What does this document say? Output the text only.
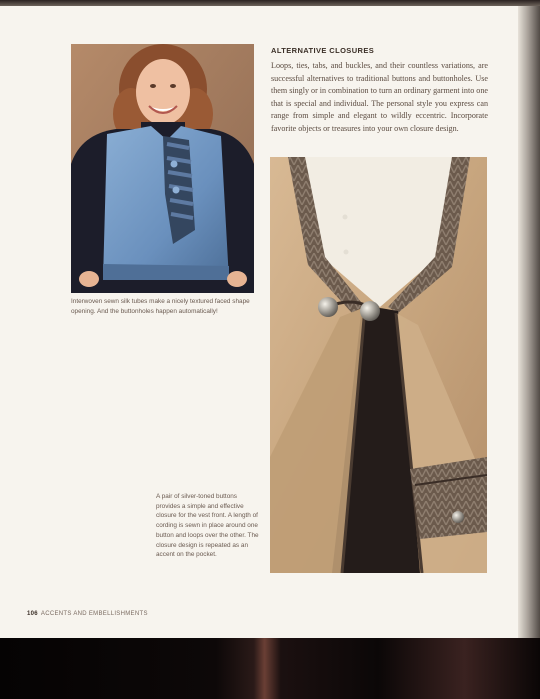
Interwoven sewn silk tubes make a nicely textured faced shape opening. And the buttonholes happen automatically!
ALTERNATIVE CLOSURES
Loops, ties, tabs, and buckles, and their countless variations, are successful alternatives to traditional buttons and buttonholes. Use them singly or in combination to turn an ordinary garment into one that is special and individual. The personal style you express can range from simple and elegant to wildly eccentric. Incorporate favorite objects or treasures into your own closure design.
A pair of silver-toned buttons provides a simple and effective closure for the vest front. A length of cording is sewn in place around one button and loops over the other. The closure design is repeated as an accent on the pocket.
106 ACCENTS AND EMBELLISHMENTS
